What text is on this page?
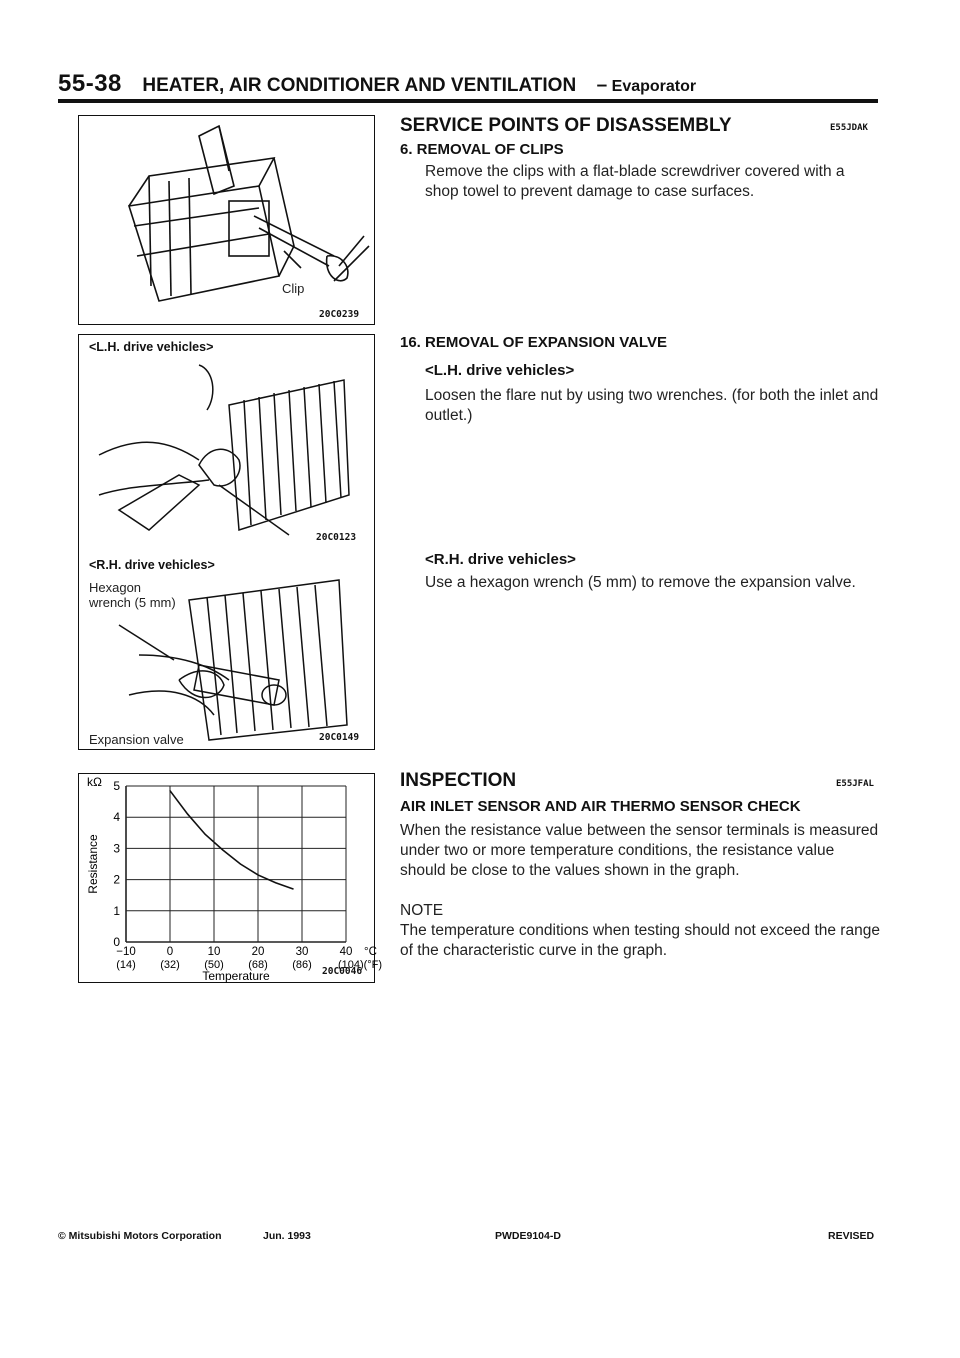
55-38 HEATER, AIR CONDITIONER AND VENTILATION – Evaporator
Clip
20C0239
<L.H. drive vehicles>
20C0123
<R.H. drive vehicles>
Hexagon
wrench (5 mm)
Expansion valve	20C0149
0
1
2
3
4
5
−10	0	10	20	30	40 °C
(14) (32) (50) (68) (86) (104)(°F)
kΩ
Resistance
Temperature	20C0046
SERVICE POINTS OF DISASSEMBLY	E55JDAK
6. REMOVAL OF CLIPS
Remove the clips with a flat-blade screwdriver covered with a shop towel to prevent damage to case surfaces.
16. REMOVAL OF EXPANSION VALVE
<L.H. drive vehicles>
Loosen the flare nut by using two wrenches. (for both the inlet and outlet.)
<R.H. drive vehicles>
Use a hexagon wrench (5 mm) to remove the expansion valve.
INSPECTION	E55JFAL
AIR INLET SENSOR AND AIR THERMO SENSOR CHECK
When the resistance value between the sensor terminals is measured under two or more temperature conditions, the resistance value should be close to the values shown in the graph.
NOTE
The temperature conditions when testing should not exceed the range of the characteristic curve in the graph.
© Mitsubishi Motors Corporation	Jun. 1993	PWDE9104-D	REVISED
